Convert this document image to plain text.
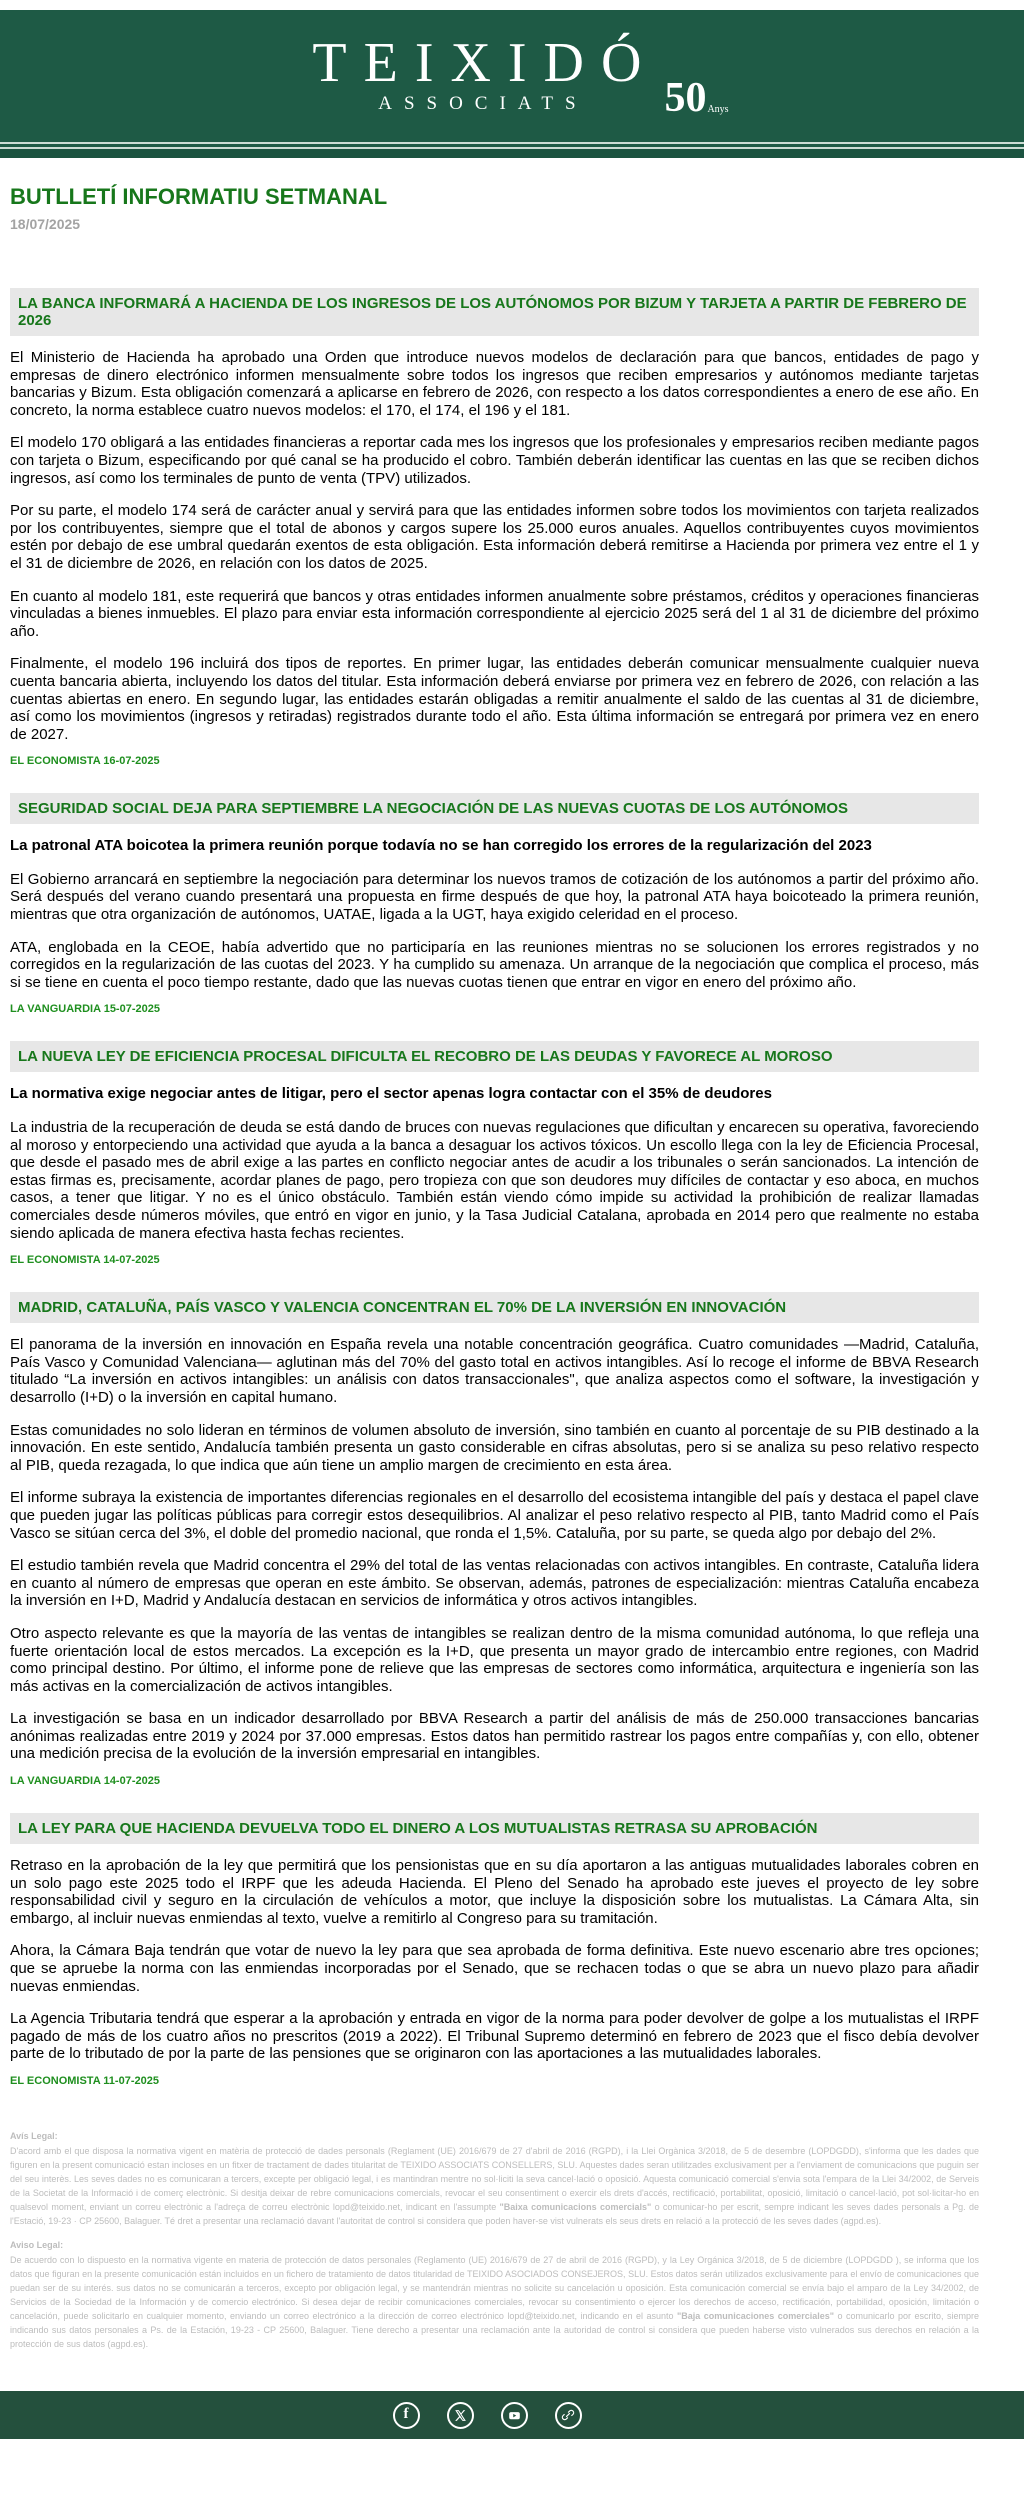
TEIXIDÓ
ASSOCIATS	50 Anys
BUTLLETÍ INFORMATIU SETMANAL
18/07/2025
LA BANCA INFORMARÁ A HACIENDA DE LOS INGRESOS DE LOS AUTÓNOMOS POR BIZUM Y TARJETA A PARTIR DE FEBRERO DE 2026

El Ministerio de Hacienda ha aprobado una Orden que introduce nuevos modelos de declaración para que bancos, entidades de pago y empresas de dinero electrónico informen mensualmente sobre todos los ingresos que reciben empresarios y autónomos mediante tarjetas bancarias y Bizum. Esta obligación comenzará a aplicarse en febrero de 2026, con respecto a los datos correspondientes a enero de ese año. En concreto, la norma establece cuatro nuevos modelos: el 170, el 174, el 196 y el 181.

El modelo 170 obligará a las entidades financieras a reportar cada mes los ingresos que los profesionales y empresarios reciben mediante pagos con tarjeta o Bizum, especificando por qué canal se ha producido el cobro. También deberán identificar las cuentas en las que se reciben dichos ingresos, así como los terminales de punto de venta (TPV) utilizados.

Por su parte, el modelo 174 será de carácter anual y servirá para que las entidades informen sobre todos los movimientos con tarjeta realizados por los contribuyentes, siempre que el total de abonos y cargos supere los 25.000 euros anuales. Aquellos contribuyentes cuyos movimientos estén por debajo de ese umbral quedarán exentos de esta obligación. Esta información deberá remitirse a Hacienda por primera vez entre el 1 y el 31 de diciembre de 2026, en relación con los datos de 2025.

En cuanto al modelo 181, este requerirá que bancos y otras entidades informen anualmente sobre préstamos, créditos y operaciones financieras vinculadas a bienes inmuebles. El plazo para enviar esta información correspondiente al ejercicio 2025 será del 1 al 31 de diciembre del próximo año.

Finalmente, el modelo 196 incluirá dos tipos de reportes. En primer lugar, las entidades deberán comunicar mensualmente cualquier nueva cuenta bancaria abierta, incluyendo los datos del titular. Esta información deberá enviarse por primera vez en febrero de 2026, con relación a las cuentas abiertas en enero. En segundo lugar, las entidades estarán obligadas a remitir anualmente el saldo de las cuentas al 31 de diciembre, así como los movimientos (ingresos y retiradas) registrados durante todo el año. Esta última información se entregará por primera vez en enero de 2027.

EL ECONOMISTA 16-07-2025
SEGURIDAD SOCIAL DEJA PARA SEPTIEMBRE LA NEGOCIACIÓN DE LAS NUEVAS CUOTAS DE LOS AUTÓNOMOS

La patronal ATA boicotea la primera reunión porque todavía no se han corregido los errores de la regularización del 2023

El Gobierno arrancará en septiembre la negociación para determinar los nuevos tramos de cotización de los autónomos a partir del próximo año. Será después del verano cuando presentará una propuesta en firme después de que hoy, la patronal ATA haya boicoteado la primera reunión, mientras que otra organización de autónomos, UATAE, ligada a la UGT, haya exigido celeridad en el proceso.

ATA, englobada en la CEOE, había advertido que no participaría en las reuniones mientras no se solucionen los errores registrados y no corregidos en la regularización de las cuotas del 2023. Y ha cumplido su amenaza. Un arranque de la negociación que complica el proceso, más si se tiene en cuenta el poco tiempo restante, dado que las nuevas cuotas tienen que entrar en vigor en enero del próximo año.

LA VANGUARDIA 15-07-2025
LA NUEVA LEY DE EFICIENCIA PROCESAL DIFICULTA EL RECOBRO DE LAS DEUDAS Y FAVORECE AL MOROSO

La normativa exige negociar antes de litigar, pero el sector apenas logra contactar con el 35% de deudores

La industria de la recuperación de deuda se está dando de bruces con nuevas regulaciones que dificultan y encarecen su operativa, favoreciendo al moroso y entorpeciendo una actividad que ayuda a la banca a desaguar los activos tóxicos. Un escollo llega con la ley de Eficiencia Procesal, que desde el pasado mes de abril exige a las partes en conflicto negociar antes de acudir a los tribunales o serán sancionados. La intención de estas firmas es, precisamente, acordar planes de pago, pero tropieza con que son deudores muy difíciles de contactar y eso aboca, en muchos casos, a tener que litigar. Y no es el único obstáculo. También están viendo cómo impide su actividad la prohibición de realizar llamadas comerciales desde números móviles, que entró en vigor en junio, y la Tasa Judicial Catalana, aprobada en 2014 pero que realmente no estaba siendo aplicada de manera efectiva hasta fechas recientes.

EL ECONOMISTA 14-07-2025
MADRID, CATALUÑA, PAÍS VASCO Y VALENCIA CONCENTRAN EL 70% DE LA INVERSIÓN EN INNOVACIÓN

El panorama de la inversión en innovación en España revela una notable concentración geográfica. Cuatro comunidades —Madrid, Cataluña, País Vasco y Comunidad Valenciana— aglutinan más del 70% del gasto total en activos intangibles. Así lo recoge el informe de BBVA Research titulado “La inversión en activos intangibles: un análisis con datos transaccionales", que analiza aspectos como el software, la investigación y desarrollo (I+D) o la inversión en capital humano.

Estas comunidades no solo lideran en términos de volumen absoluto de inversión, sino también en cuanto al porcentaje de su PIB destinado a la innovación. En este sentido, Andalucía también presenta un gasto considerable en cifras absolutas, pero si se analiza su peso relativo respecto al PIB, queda rezagada, lo que indica que aún tiene un amplio margen de crecimiento en esta área.

El informe subraya la existencia de importantes diferencias regionales en el desarrollo del ecosistema intangible del país y destaca el papel clave que pueden jugar las políticas públicas para corregir estos desequilibrios. Al analizar el peso relativo respecto al PIB, tanto Madrid como el País Vasco se sitúan cerca del 3%, el doble del promedio nacional, que ronda el 1,5%. Cataluña, por su parte, se queda algo por debajo del 2%.

El estudio también revela que Madrid concentra el 29% del total de las ventas relacionadas con activos intangibles. En contraste, Cataluña lidera en cuanto al número de empresas que operan en este ámbito. Se observan, además, patrones de especialización: mientras Cataluña encabeza la inversión en I+D, Madrid y Andalucía destacan en servicios de informática y otros activos intangibles.

Otro aspecto relevante es que la mayoría de las ventas de intangibles se realizan dentro de la misma comunidad autónoma, lo que refleja una fuerte orientación local de estos mercados. La excepción es la I+D, que presenta un mayor grado de intercambio entre regiones, con Madrid como principal destino. Por último, el informe pone de relieve que las empresas de sectores como informática, arquitectura e ingeniería son las más activas en la comercialización de activos intangibles.

La investigación se basa en un indicador desarrollado por BBVA Research a partir del análisis de más de 250.000 transacciones bancarias anónimas realizadas entre 2019 y 2024 por 37.000 empresas. Estos datos han permitido rastrear los pagos entre compañías y, con ello, obtener una medición precisa de la evolución de la inversión empresarial en intangibles.

LA VANGUARDIA 14-07-2025
LA LEY PARA QUE HACIENDA DEVUELVA TODO EL DINERO A LOS MUTUALISTAS RETRASA SU APROBACIÓN

Retraso en la aprobación de la ley que permitirá que los pensionistas que en su día aportaron a las antiguas mutualidades laborales cobren en un solo pago este 2025 todo el IRPF que les adeuda Hacienda. El Pleno del Senado ha aprobado este jueves el proyecto de ley sobre responsabilidad civil y seguro en la circulación de vehículos a motor, que incluye la disposición sobre los mutualistas. La Cámara Alta, sin embargo, al incluir nuevas enmiendas al texto, vuelve a remitirlo al Congreso para su tramitación.

Ahora, la Cámara Baja tendrán que votar de nuevo la ley para que sea aprobada de forma definitiva. Este nuevo escenario abre tres opciones; que se apruebe la norma con las enmiendas incorporadas por el Senado, que se rechacen todas o que se abra un nuevo plazo para añadir nuevas enmiendas.

La Agencia Tributaria tendrá que esperar a la aprobación y entrada en vigor de la norma para poder devolver de golpe a los mutualistas el IRPF pagado de más de los cuatro años no prescritos (2019 a 2022). El Tribunal Supremo determinó en febrero de 2023 que el fisco debía devolver parte de lo tributado de por la parte de las pensiones que se originaron con las aportaciones a las mutualidades laborales.

EL ECONOMISTA 11-07-2025

Avís Legal:

D'acord amb el que disposa la normativa vigent en matèria de protecció de dades personals (Reglament (UE) 2016/679 de 27 d'abril de 2016 (RGPD), i la Llei Orgànica 3/2018, de 5 de desembre (LOPDGDD), s'informa que les dades que figuren en la present comunicació estan incloses en un fitxer de tractament de dades titularitat de TEIXIDO ASSOCIATS CONSELLERS, SLU. Aquestes dades seran utilitzades exclusivament per a l'enviament de comunicacions que puguin ser del seu interès. Les seves dades no es comunicaran a tercers, excepte per obligació legal, i es mantindran mentre no sol·liciti la seva cancel·lació o oposició. Aquesta comunicació comercial s'envia sota l'empara de la Llei 34/2002, de Serveis de la Societat de la Informació i de comerç electrònic. Si desitja deixar de rebre comunicacions comercials, revocar el seu consentiment o exercir els drets d'accés, rectificació, portabilitat, oposició, limitació o cancel·lació, pot sol·licitar-ho en qualsevol moment, enviant un correu electrònic a l'adreça de correu electrònic lopd@teixido.net, indicant en l'assumpte "Baixa comunicacions comercials" o comunicar-ho per escrit, sempre indicant les seves dades personals a Pg. de l'Estació, 19-23 · CP 25600, Balaguer. Té dret a presentar una reclamació davant l'autoritat de control si considera que poden haver-se vist vulnerats els seus drets en relació a la protecció de les seves dades (agpd.es).

Aviso Legal:

De acuerdo con lo dispuesto en la normativa vigente en materia de protección de datos personales (Reglamento (UE) 2016/679 de 27 de abril de 2016 (RGPD), y la Ley Orgánica 3/2018, de 5 de diciembre (LOPDGDD ), se informa que los datos que figuran en la presente comunicación están incluidos en un fichero de tratamiento de datos titularidad de TEIXIDO ASOCIADOS CONSEJEROS, SLU. Estos datos serán utilizados exclusivamente para el envío de comunicaciones que puedan ser de su interés. sus datos no se comunicarán a terceros, excepto por obligación legal, y se mantendrán mientras no solicite su cancelación u oposición. Esta comunicación comercial se envía bajo el amparo de la Ley 34/2002, de Servicios de la Sociedad de la Información y de comercio electrónico. Si desea dejar de recibir comunicaciones comerciales, revocar su consentimiento o ejercer los derechos de acceso, rectificación, portabilidad, oposición, limitación o cancelación, puede solicitarlo en cualquier momento, enviando un correo electrónico a la dirección de correo electrónico lopd@teixido.net, indicando en el asunto "Baja comunicaciones comerciales" o comunicarlo por escrito, siempre indicando sus datos personales a Ps. de la Estación, 19-23 - CP 25600, Balaguer. Tiene derecho a presentar una reclamación ante la autoridad de control si considera que pueden haberse visto vulnerados sus derechos en relación a la protección de sus datos (agpd.es).

f
